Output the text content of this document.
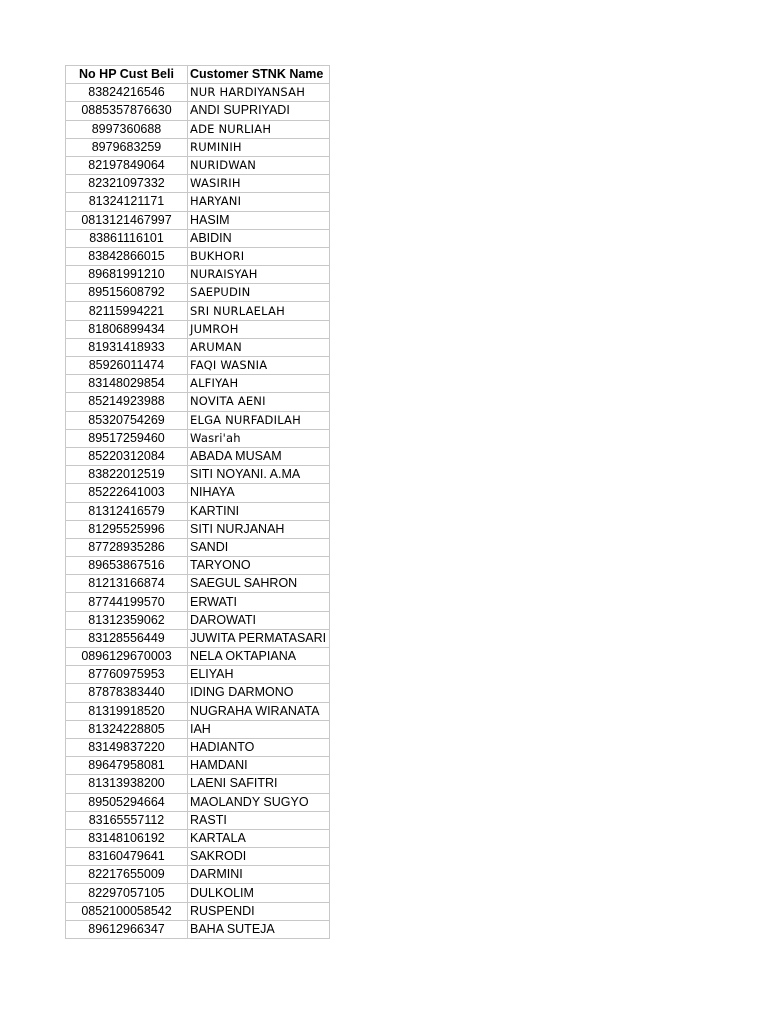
No HP Cust Beli	Customer STNK Name
83824216546	NUR HARDIYANSAH
0885357876630	ANDI SUPRIYADI
8997360688	ADE NURLIAH
8979683259	RUMINIH
82197849064	NURIDWAN
82321097332	WASIRIH
81324121171	HARYANI
0813121467997	HASIM
83861116101	ABIDIN
83842866015	BUKHORI
89681991210	NURAISYAH
89515608792	SAEPUDIN
82115994221	SRI NURLAELAH
81806899434	JUMROH
81931418933	ARUMAN
85926011474	FAQI WASNIA
83148029854	ALFIYAH
85214923988	NOVITA AENI
85320754269	ELGA NURFADILAH
89517259460	Wasri'ah
85220312084	ABADA MUSAM
83822012519	SITI NOYANI. A.MA
85222641003	NIHAYA
81312416579	KARTINI
81295525996	SITI NURJANAH
87728935286	SANDI
89653867516	TARYONO
81213166874	SAEGUL SAHRON
87744199570	ERWATI
81312359062	DAROWATI
83128556449	JUWITA PERMATASARI
0896129670003	NELA OKTAPIANA
87760975953	ELIYAH
87878383440	IDING DARMONO
81319918520	NUGRAHA WIRANATA
81324228805	IAH
83149837220	HADIANTO
89647958081	HAMDANI
81313938200	LAENI SAFITRI
89505294664	MAOLANDY SUGYO
83165557112	RASTI
83148106192	KARTALA
83160479641	SAKRODI
82217655009	DARMINI
82297057105	DULKOLIM
0852100058542	RUSPENDI
89612966347	BAHA SUTEJA
